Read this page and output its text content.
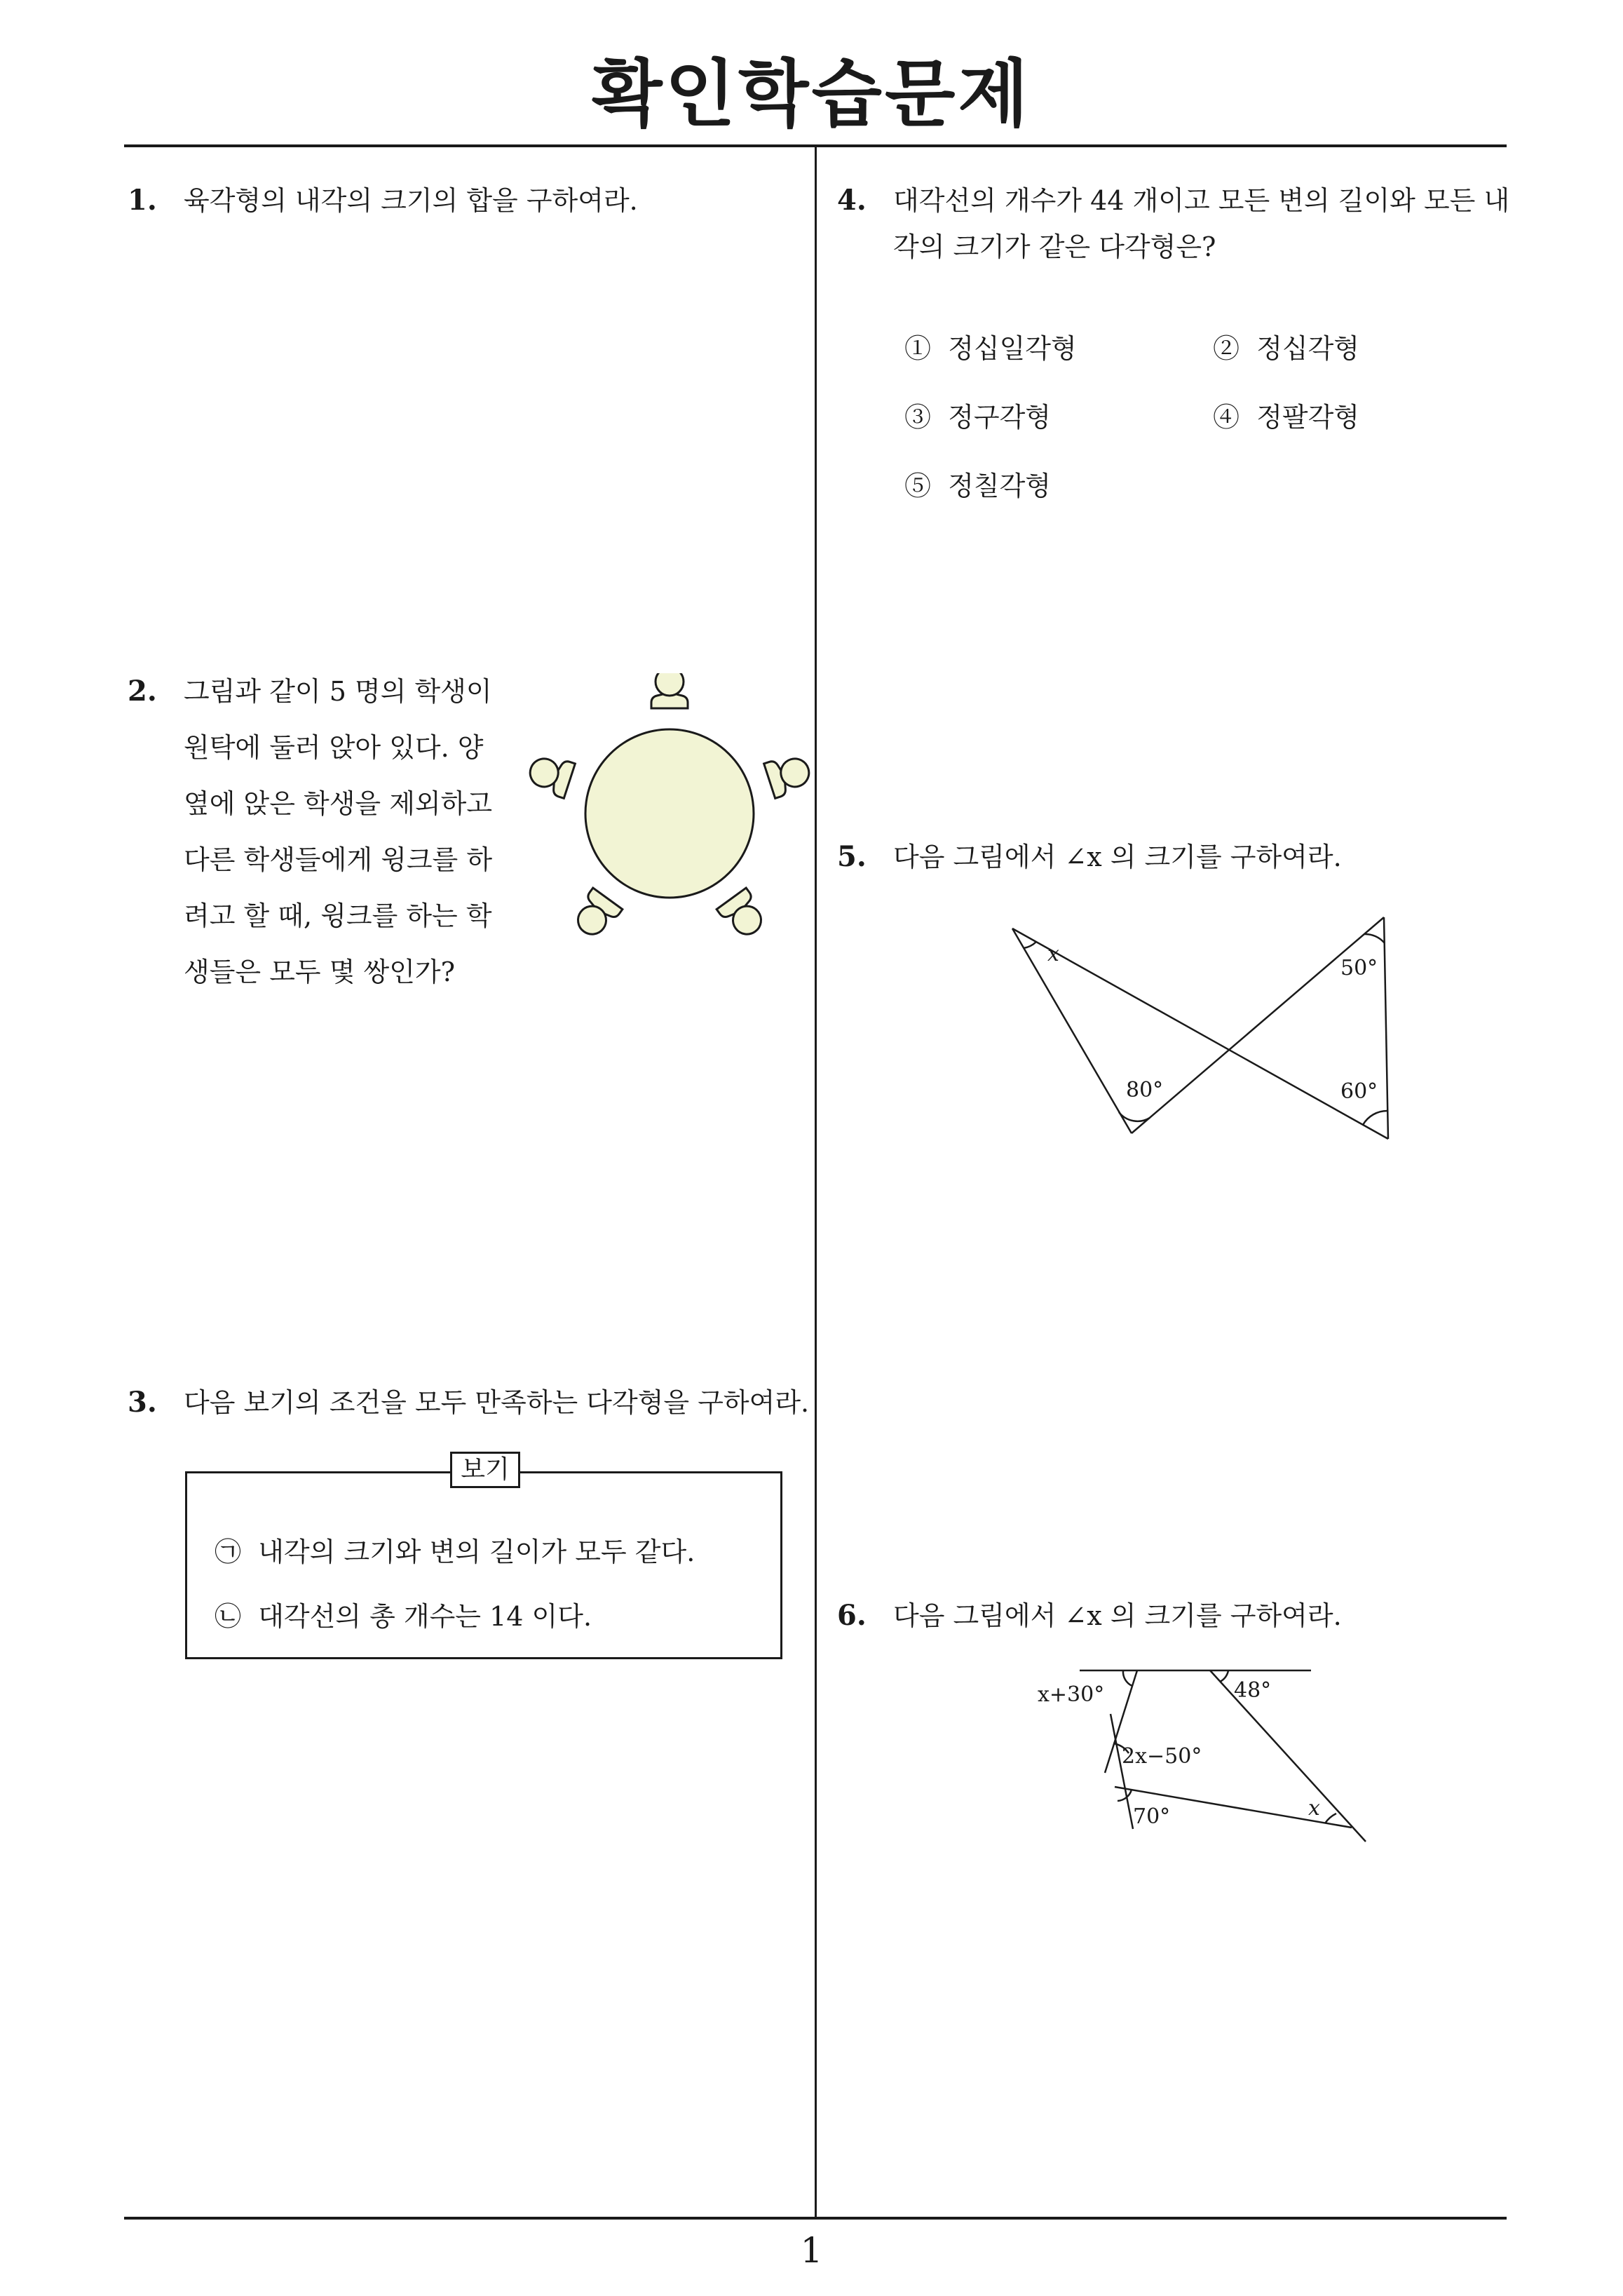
확인학습문제
1. 육각형의 내각의 크기의 합을 구하여라.
2. 그림과 같이 5 명의 학생이
원탁에 둘러 앉아 있다. 양
옆에 앉은 학생을 제외하고
다른 학생들에게 윙크를 하
려고 할 때, 윙크를 하는 학
생들은 모두 몇 쌍인가?
3. 다음 보기의 조건을 모두 만족하는 다각형을 구하여라.
보기
㉠ 내각의 크기와 변의 길이가 모두 같다.
㉡ 대각선의 총 개수는 14 이다.
4. 대각선의 개수가 44 개이고 모든 변의 길이와 모든 내
각의 크기가 같은 다각형은?
① 정십일각형	② 정십각형
③ 정구각형	④ 정팔각형
⑤ 정칠각형
5. 다음 그림에서 ∠x 의 크기를 구하여라.
x
50°
80°	60°
6. 다음 그림에서 ∠x 의 크기를 구하여라.
x+30°	48°
2x−50°
70°	x
1
